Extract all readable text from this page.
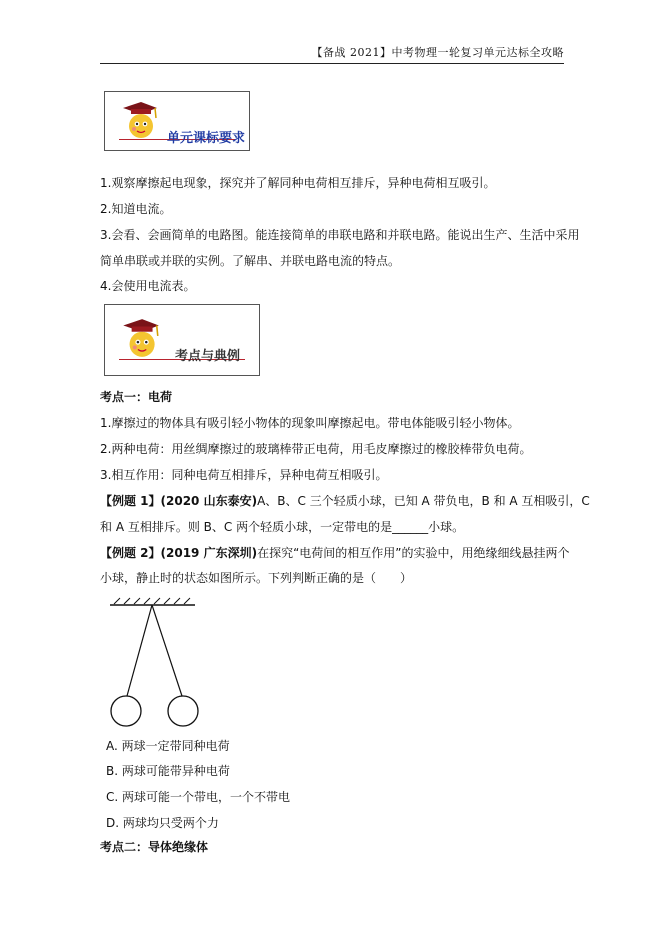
【备战 2021】中考物理一轮复习单元达标全攻略
单元课标要求
1.观察摩擦起电现象，探究并了解同种电荷相互排斥，异种电荷相互吸引。
2.知道电流。
3.会看、会画简单的电路图。能连接简单的串联电路和并联电路。能说出生产、生活中采用
简单串联或并联的实例。了解串、并联电路电流的特点。
4.会使用电流表。
考点与典例
考点一：电荷
1.摩擦过的物体具有吸引轻小物体的现象叫摩擦起电。带电体能吸引轻小物体。
2.两种电荷：用丝绸摩擦过的玻璃棒带正电荷，用毛皮摩擦过的橡胶棒带负电荷。
3.相互作用：同种电荷互相排斥，异种电荷互相吸引。
【例题 1】(2020 山东泰安)A、B、C 三个轻质小球，已知 A 带负电，B 和 A 互相吸引，C
和 A 互相排斥。则 B、C 两个轻质小球，一定带电的是______小球。
【例题 2】(2019 广东深圳)在探究“电荷间的相互作用”的实验中，用绝缘细线悬挂两个
小球，静止时的状态如图所示。下列判断正确的是（　　）
A. 两球一定带同种电荷
B. 两球可能带异种电荷
C. 两球可能一个带电，一个不带电
D. 两球均只受两个力
考点二：导体绝缘体
